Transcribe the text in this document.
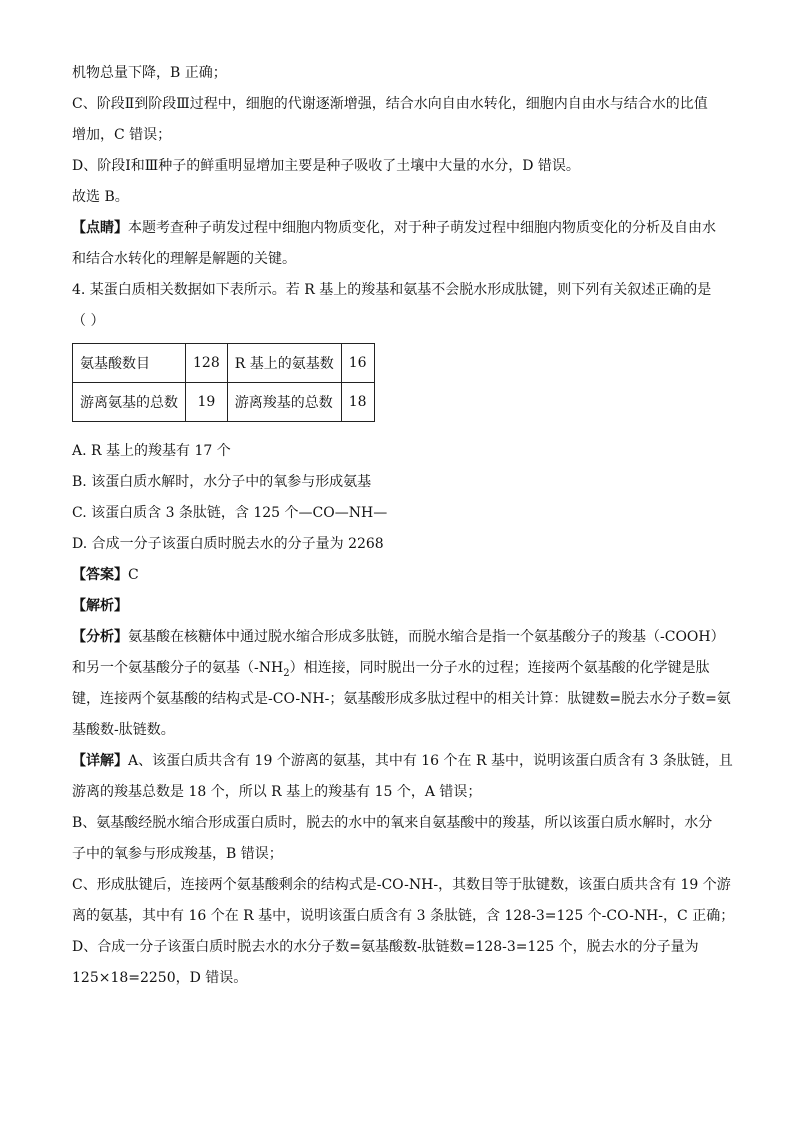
机物总量下降，B 正确；

C、阶段Ⅱ到阶段Ⅲ过程中，细胞的代谢逐渐增强，结合水向自由水转化，细胞内自由水与结合水的比值

增加，C 错误；

D、阶段Ⅰ和Ⅲ种子的鲜重明显增加主要是种子吸收了土壤中大量的水分，D 错误。

故选 B。

【点睛】本题考查种子萌发过程中细胞内物质变化，对于种子萌发过程中细胞内物质变化的分析及自由水

和结合水转化的理解是解题的关键。

4. 某蛋白质相关数据如下表所示。若 R 基上的羧基和氨基不会脱水形成肽键，则下列有关叙述正确的是

（ ）

氨基酸数目	128	R 基上的氨基数	16
游离氨基的总数	19	游离羧基的总数	18

A. R 基上的羧基有 17 个

B. 该蛋白质水解时，水分子中的氧参与形成氨基

C. 该蛋白质含 3 条肽链，含 125 个—CO—NH—

D. 合成一分子该蛋白质时脱去水的分子量为 2268

【答案】C

【解析】

【分析】氨基酸在核糖体中通过脱水缩合形成多肽链，而脱水缩合是指一个氨基酸分子的羧基（-COOH）

和另一个氨基酸分子的氨基$(-NH_2)$相连接，同时脱出一分子水的过程；连接两个氨基酸的化学键是肽

键，连接两个氨基酸的结构式是-CO-NH-；氨基酸形成多肽过程中的相关计算：肽键数=脱去水分子数=氨

基酸数-肽链数。

【详解】A、该蛋白质共含有 19 个游离的氨基，其中有 16 个在 R 基中，说明该蛋白质含有 3 条肽链，且

游离的羧基总数是 18 个，所以 R 基上的羧基有 15 个，A 错误；

B、氨基酸经脱水缩合形成蛋白质时，脱去的水中的氧来自氨基酸中的羧基，所以该蛋白质水解时，水分

子中的氧参与形成羧基，B 错误；

C、形成肽键后，连接两个氨基酸剩余的结构式是-CO-NH-，其数目等于肽键数，该蛋白质共含有 19 个游

离的氨基，其中有 16 个在 R 基中，说明该蛋白质含有 3 条肽链，含 128-3=125 个-CO-NH-，C 正确；

D、合成一分子该蛋白质时脱去水的水分子数=氨基酸数-肽链数=128-3=125 个，脱去水的分子量为

125×18=2250，D 错误。
